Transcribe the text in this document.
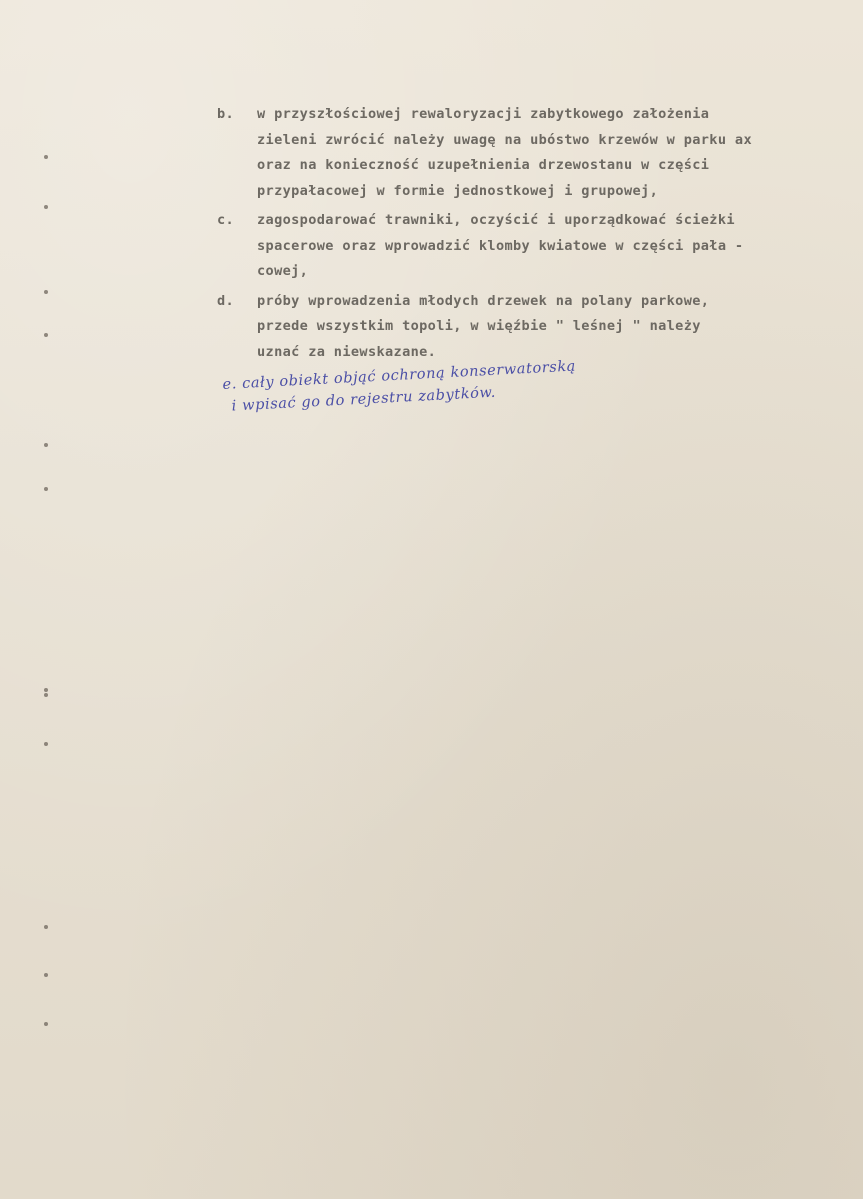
b.	w przyszłościowej rewaloryzacji zabytkowego założenia
zieleni zwrócić należy uwagę na ubóstwo krzewów w parku ax
oraz na konieczność uzupełnienia drzewostanu w części
przypałacowej w formie jednostkowej i grupowej,
c.	zagospodarować trawniki, oczyścić i uporządkować ścieżki
spacerowe oraz wprowadzić klomby kwiatowe w części pała -
cowej,
d.	próby wprowadzenia młodych drzewek na polany parkowe,
przede wszystkim topoli, w więźbie " leśnej " należy
uznać za niewskazane.
e. cały obiekt objąć ochroną konserwatorską
i wpisać go do rejestru zabytków.
